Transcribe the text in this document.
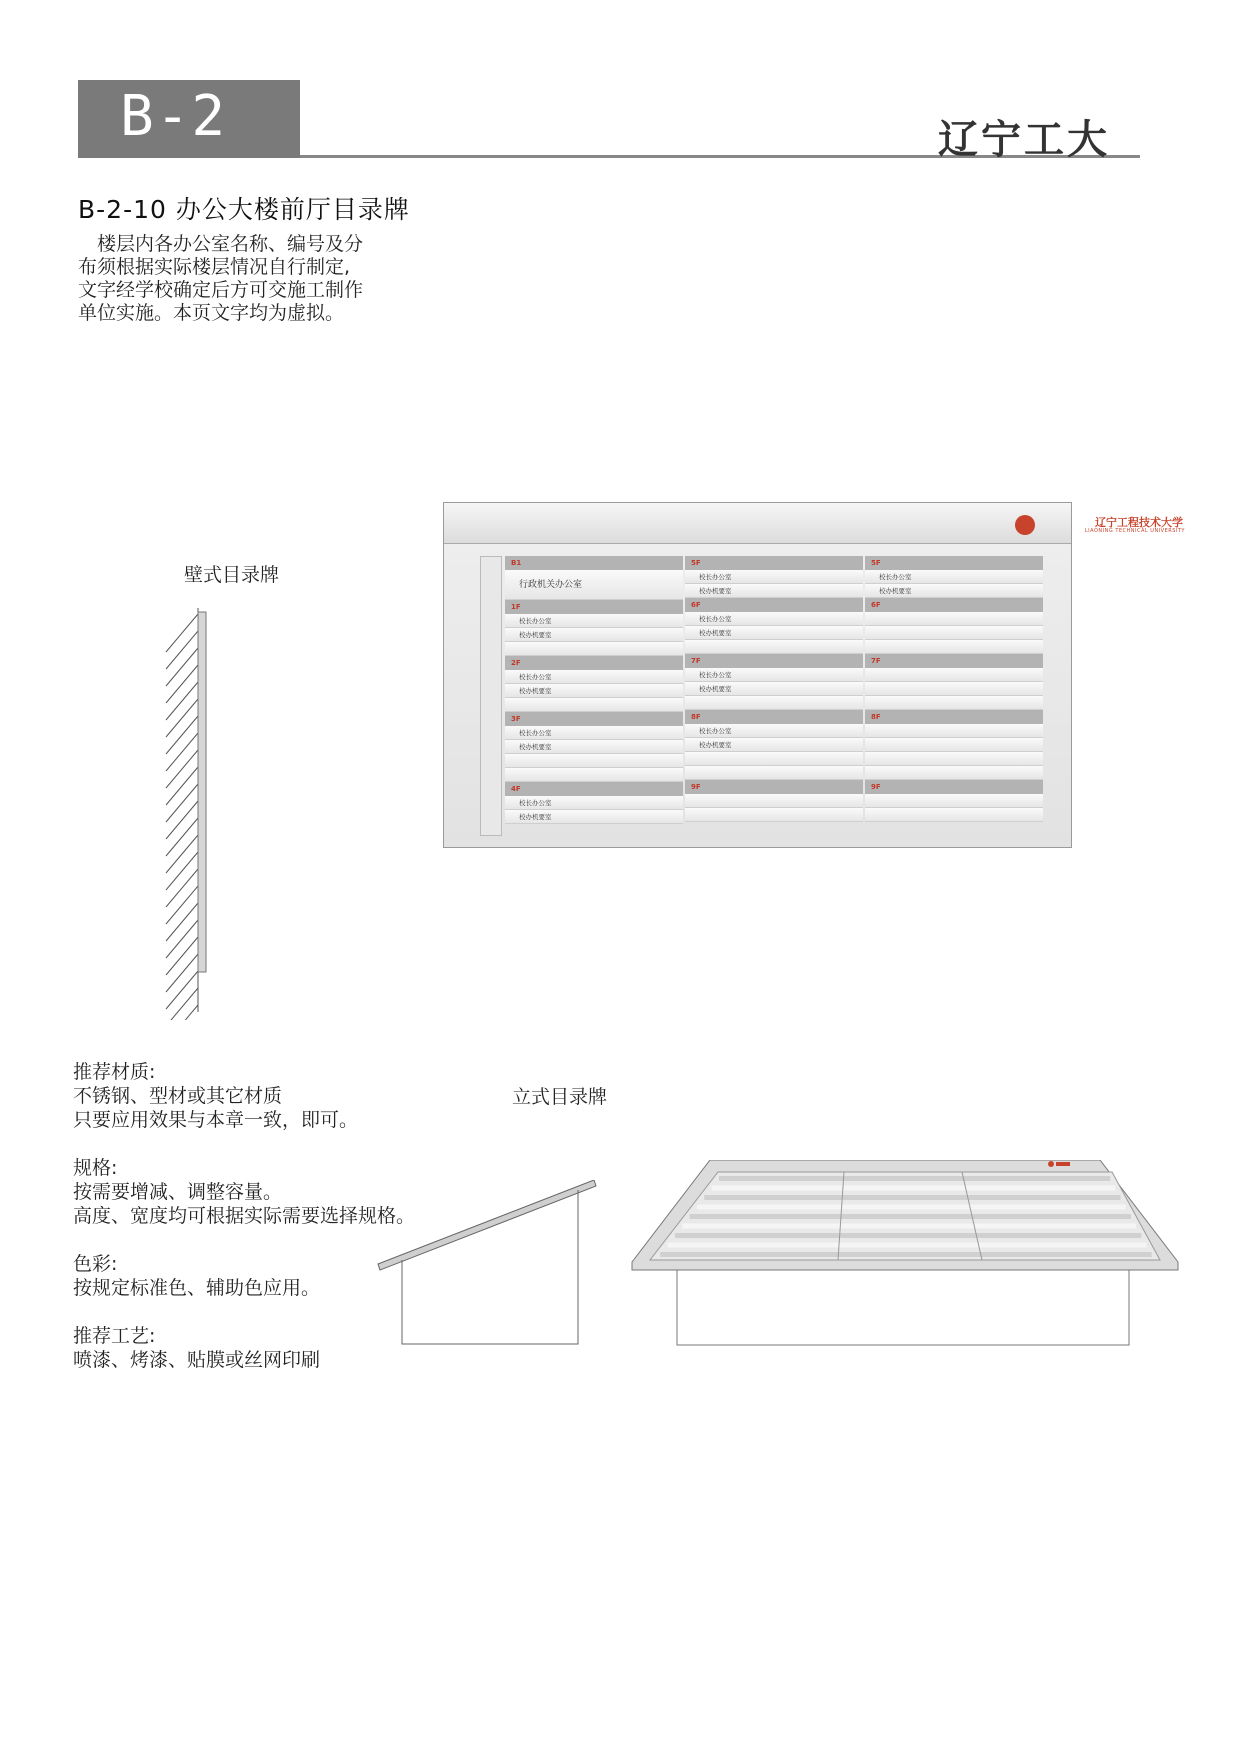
B-2	辽宁工大
B-2-10 办公大楼前厅目录牌

　楼层内各办公室名称、编号及分

布须根据实际楼层情况自行制定,

文字经学校确定后方可交施工制作

单位实施。本页文字均为虚拟。

壁式目录牌
辽宁工程技术大学
LIAONING TECHNICAL UNIVERSITY
B1
行政机关办公室
1F
校长办公室
校办机要室
2F
校长办公室
校办机要室
3F
校长办公室
校办机要室
4F
校长办公室
校办机要室
5F
校长办公室
校办机要室
6F
校长办公室
校办机要室
7F
校长办公室
校办机要室
8F
校长办公室
校办机要室
9F
5F
校长办公室
校办机要室
6F
7F
8F
9F
立式目录牌

推荐材质:

不锈钢、型材或其它材质

只要应用效果与本章一致，即可。

规格:

按需要增减、调整容量。

高度、宽度均可根据实际需要选择规格。

色彩:

按规定标准色、辅助色应用。

推荐工艺:

喷漆、烤漆、贴膜或丝网印刷
